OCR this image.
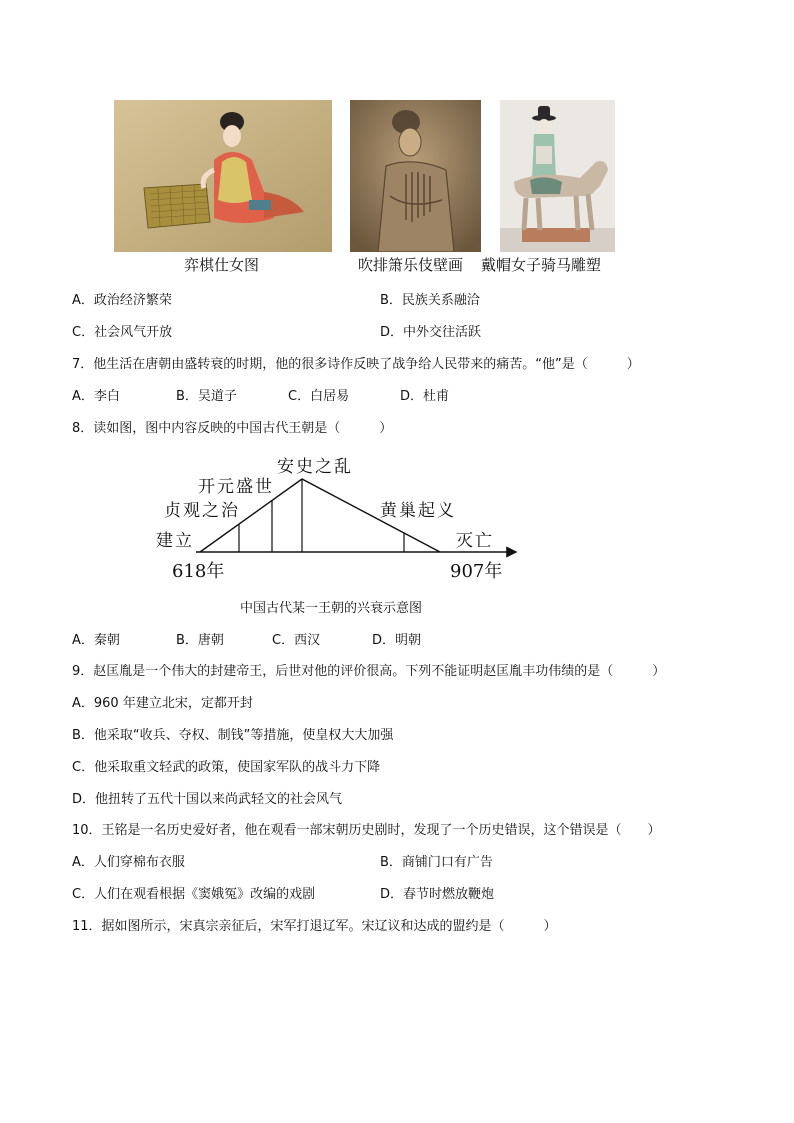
弈棋仕女图	吹排箫乐伎壁画 戴帽女子骑马雕塑
A．政治经济繁荣	B．民族关系融洽
C．社会风气开放	D．中外交往活跃
7．他生活在唐朝由盛转衰的时期，他的很多诗作反映了战争给人民带来的痛苦。“他”是（　　　）
A．李白	B．吴道子	C．白居易	D．杜甫
8．读如图，图中内容反映的中国古代王朝是（　　　）
安史之乱
开元盛世
贞观之治	黄巢起义
建立	灭亡
618年	907年
中国古代某一王朝的兴衰示意图
A．秦朝	B．唐朝	C．西汉	D．明朝
9．赵匡胤是一个伟大的封建帝王，后世对他的评价很高。下列不能证明赵匡胤丰功伟绩的是（　　　）
A．960 年建立北宋，定都开封
B．他采取“收兵、夺权、制钱”等措施，使皇权大大加强
C．他采取重文轻武的政策，使国家军队的战斗力下降
D．他扭转了五代十国以来尚武轻文的社会风气
10．王铭是一名历史爱好者，他在观看一部宋朝历史剧时，发现了一个历史错误，这个错误是（　　）
A．人们穿棉布衣服	B．商铺门口有广告
C．人们在观看根据《窦娥冤》改编的戏剧	D．春节时燃放鞭炮
11．据如图所示，宋真宗亲征后，宋军打退辽军。宋辽议和达成的盟约是（　　　）
